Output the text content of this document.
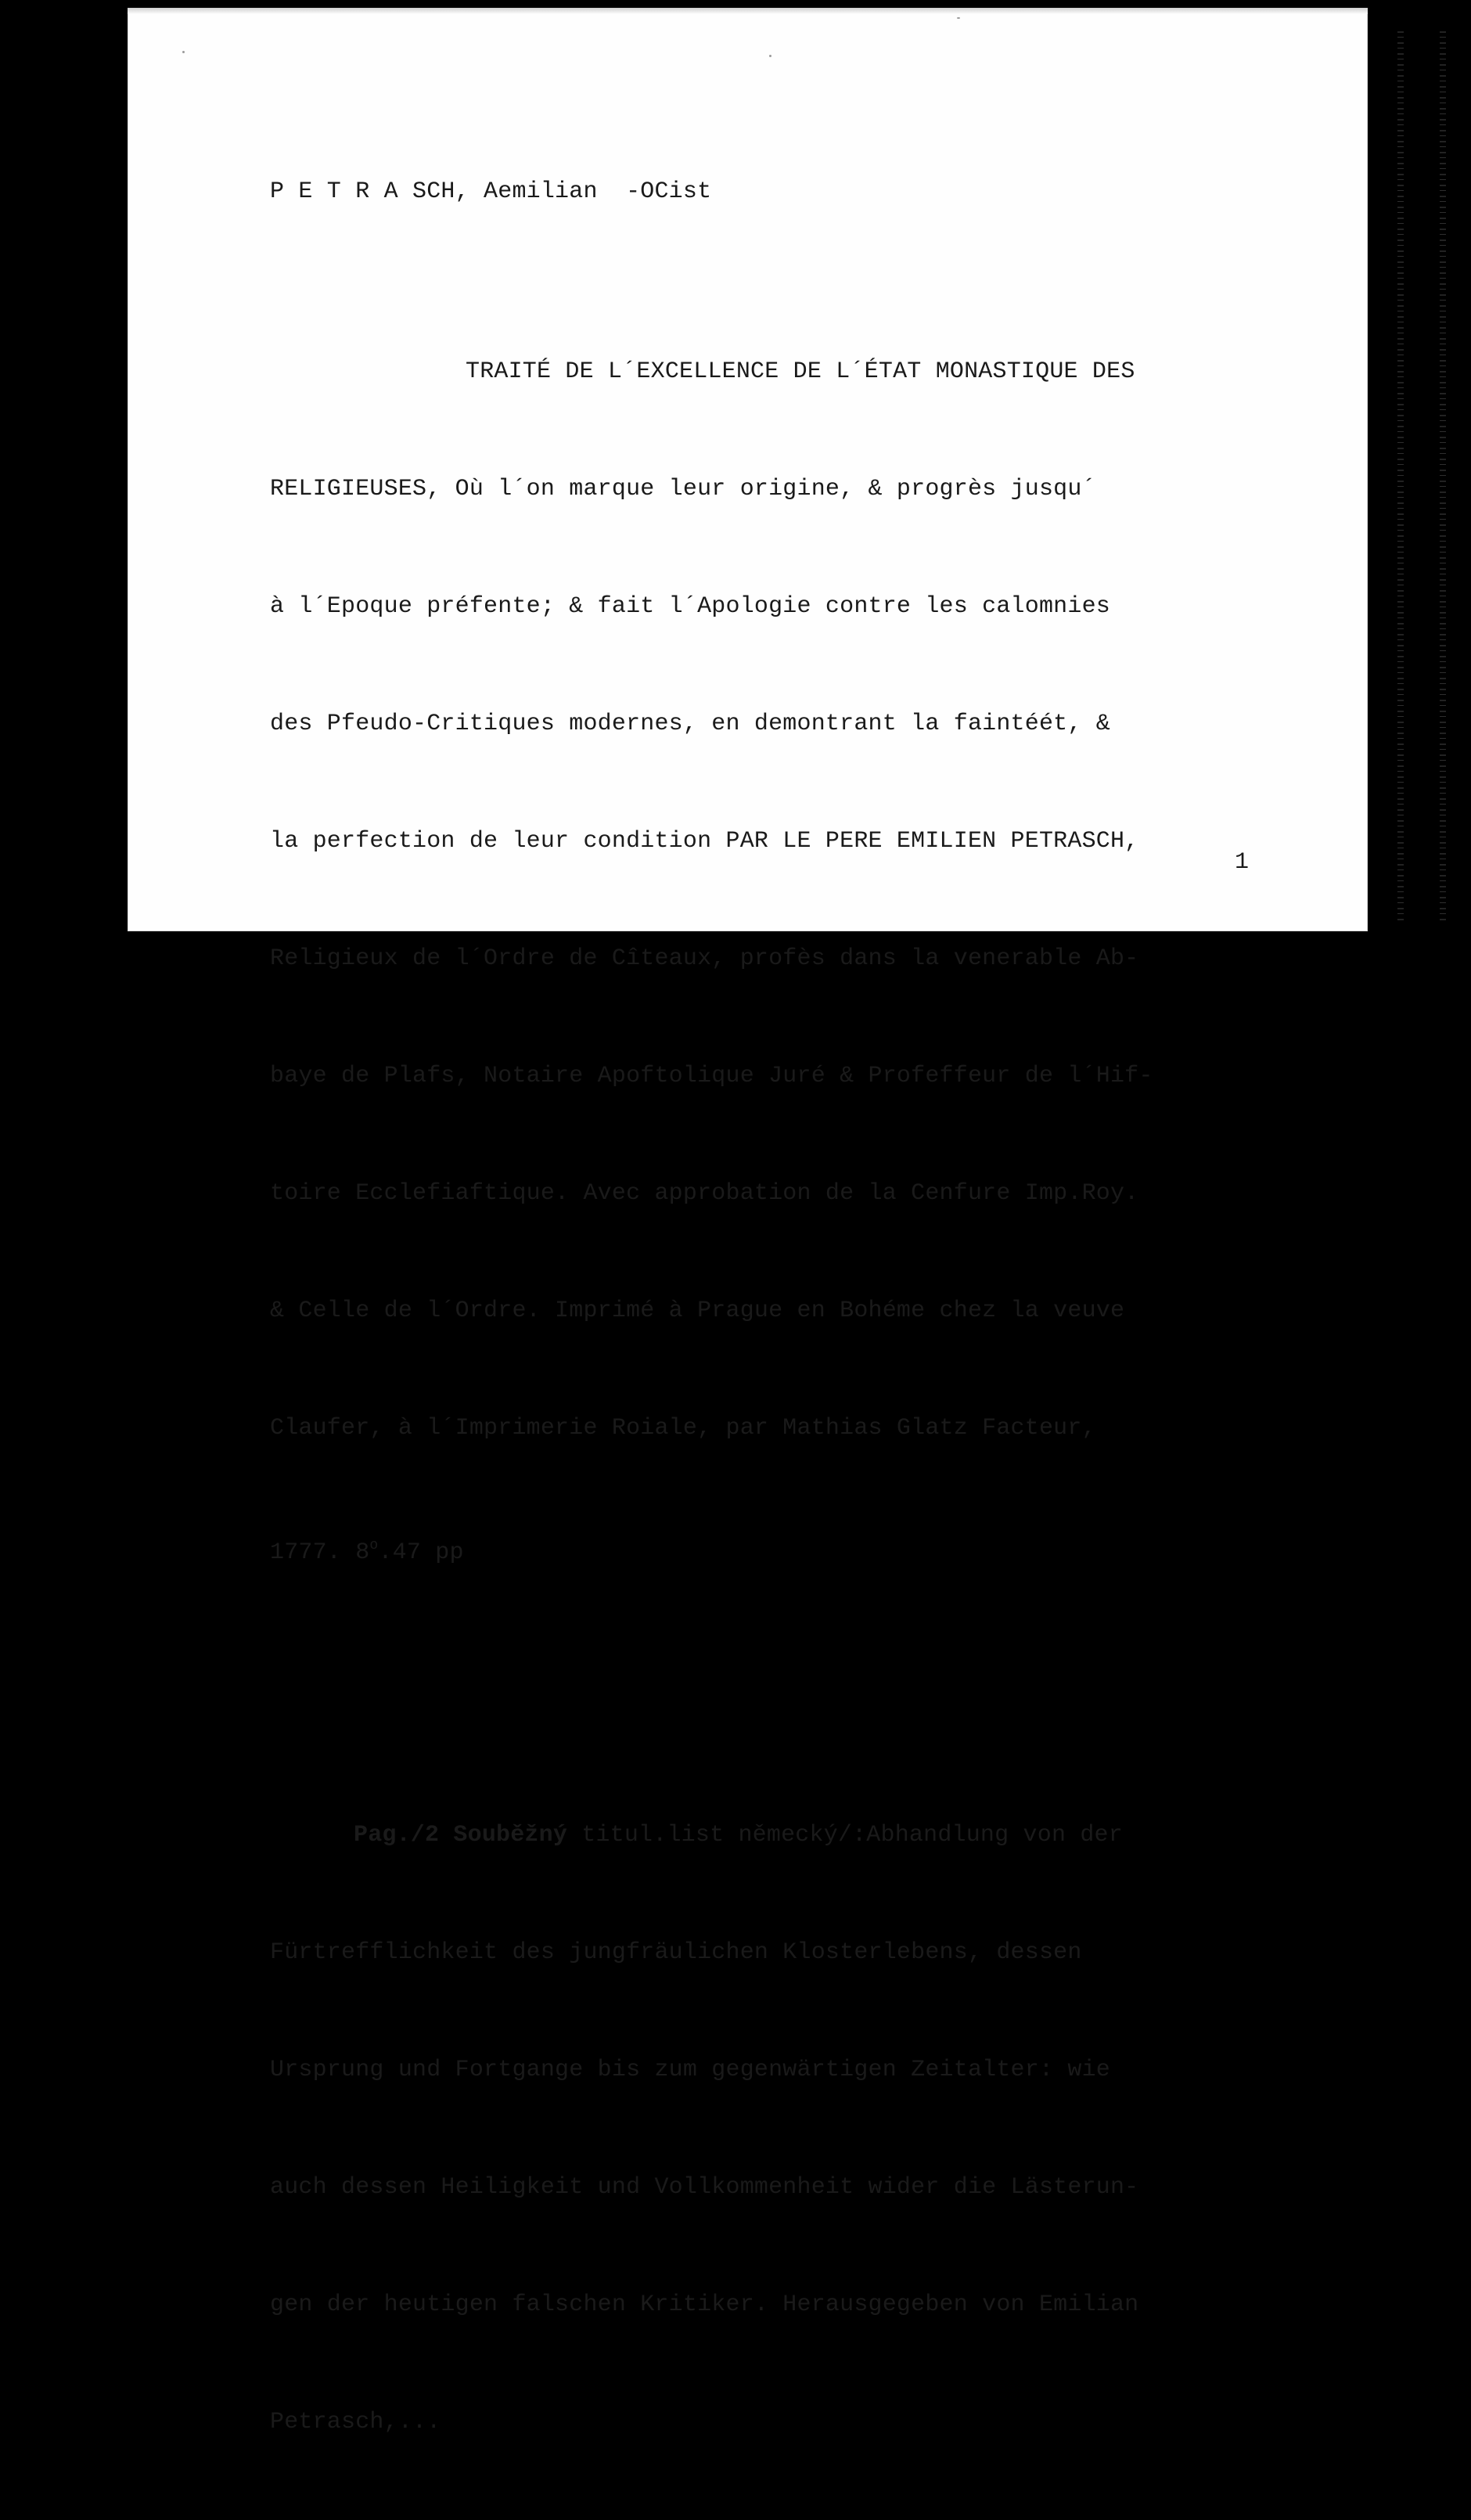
P E T R A SCH, Aemilian  -OCist

TRAITÉ DE L´EXCELLENCE DE L´ÉTAT MONASTIQUE DES

RELIGIEUSES, Où l´on marque leur origine, & progrès jusqu´

à l´Epoque préfente; & fait l´Apologie contre les calomnies

des Pfeudo-Critiques modernes, en demontrant la faintéét, &

la perfection de leur condition PAR LE PERE EMILIEN PETRASCH,

Religieux de l´Ordre de Cîteaux, profès dans la venerable Ab-

baye de Plafs, Notaire Apoftolique Juré & Profeffeur de l´Hif-

toire Ecclefiaftique. Avec approbation de la Cenfure Imp.Roy.

& Celle de l´Ordre. Imprimé à Prague en Bohéme chez la veuve

Claufer, à l´Imprimerie Roiale, par Mathias Glatz Facteur,

1777. 8$^o$.47 pp

Pag./2 Souběžný titul.list německý/:Abhandlung von der

Fürtrefflichkeit des jungfräulichen Klosterlebens, dessen

Ursprung und Fortgange bis zum gegenwärtigen Zeitalter: wie

auch dessen Heiligkeit und Vollkommenheit wider die Lästerun-

gen der heutigen falschen Kritiker. Herausgegeben von Emilian

Petrasch,...

1
